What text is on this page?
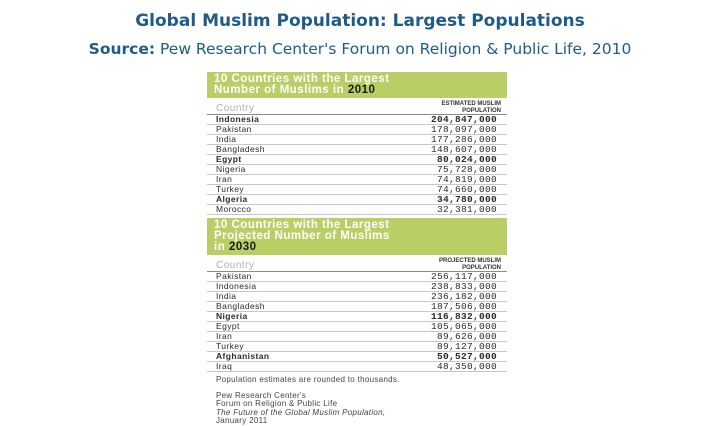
Global Muslim Population: Largest Populations
Source: Pew Research Center's Forum on Religion & Public Life, 2010
10 Countries with the Largest
Number of Muslims in 2010
Country	ESTIMATED MUSLIM
POPULATION
Indonesia	204,847,000
Pakistan	178,097,000
India	177,286,000
Bangladesh	148,607,000
Egypt	80,024,000
Nigeria	75,728,000
Iran	74,819,000
Turkey	74,660,000
Algeria	34,780,000
Morocco	32,381,000
10 Countries with the Largest
Projected Number of Muslims
in 2030
Country	PROJECTED MUSLIM
POPULATION
Pakistan	256,117,000
Indonesia	238,833,000
India	236,182,000
Bangladesh	187,506,000
Nigeria	116,832,000
Egypt	105,065,000
Iran	89,626,000
Turkey	89,127,000
Afghanistan	50,527,000
Iraq	48,350,000
Population estimates are rounded to thousands.
Pew Research Center's
Forum on Religion & Public Life
The Future of the Global Muslim Population,
January 2011
